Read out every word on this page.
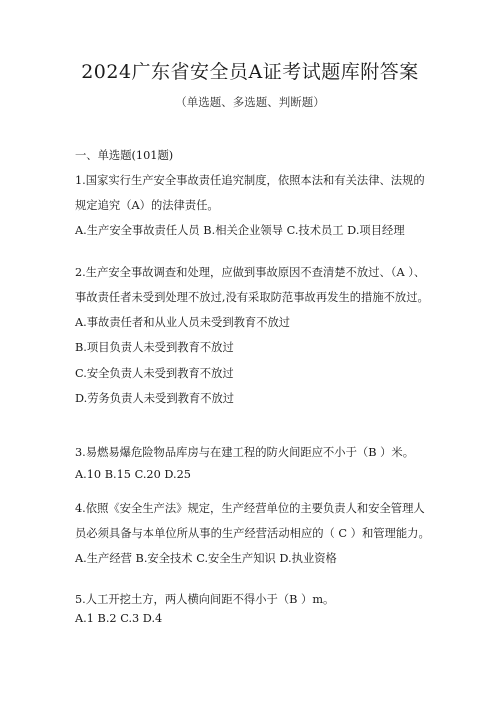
2024广东省安全员A证考试题库附答案
（单选题、多选题、判断题）
一、单选题(101题)
1.国家实行生产安全事故责任追究制度，依照本法和有关法律、法规的
规定追究（A）的法律责任。
A.生产安全事故责任人员 B.相关企业领导 C.技术员工 D.项目经理
2.生产安全事故调查和处理，应做到事故原因不查清楚不放过、（A ）、
事故责任者未受到处理不放过,没有采取防范事故再发生的措施不放过。
A.事故责任者和从业人员未受到教育不放过
B.项目负责人未受到教育不放过
C.安全负责人未受到教育不放过
D.劳务负责人未受到教育不放过
3.易燃易爆危险物品库房与在建工程的防火间距应不小于（B ）米。
A.10 B.15 C.20 D.25
4.依照《安全生产法》规定，生产经营单位的主要负责人和安全管理人
员必须具备与本单位所从事的生产经营活动相应的（ C ）和管理能力。
A.生产经营 B.安全技术 C.安全生产知识 D.执业资格
5.人工开挖土方，两人横向间距不得小于（B ）m。
A.1 B.2 C.3 D.4
